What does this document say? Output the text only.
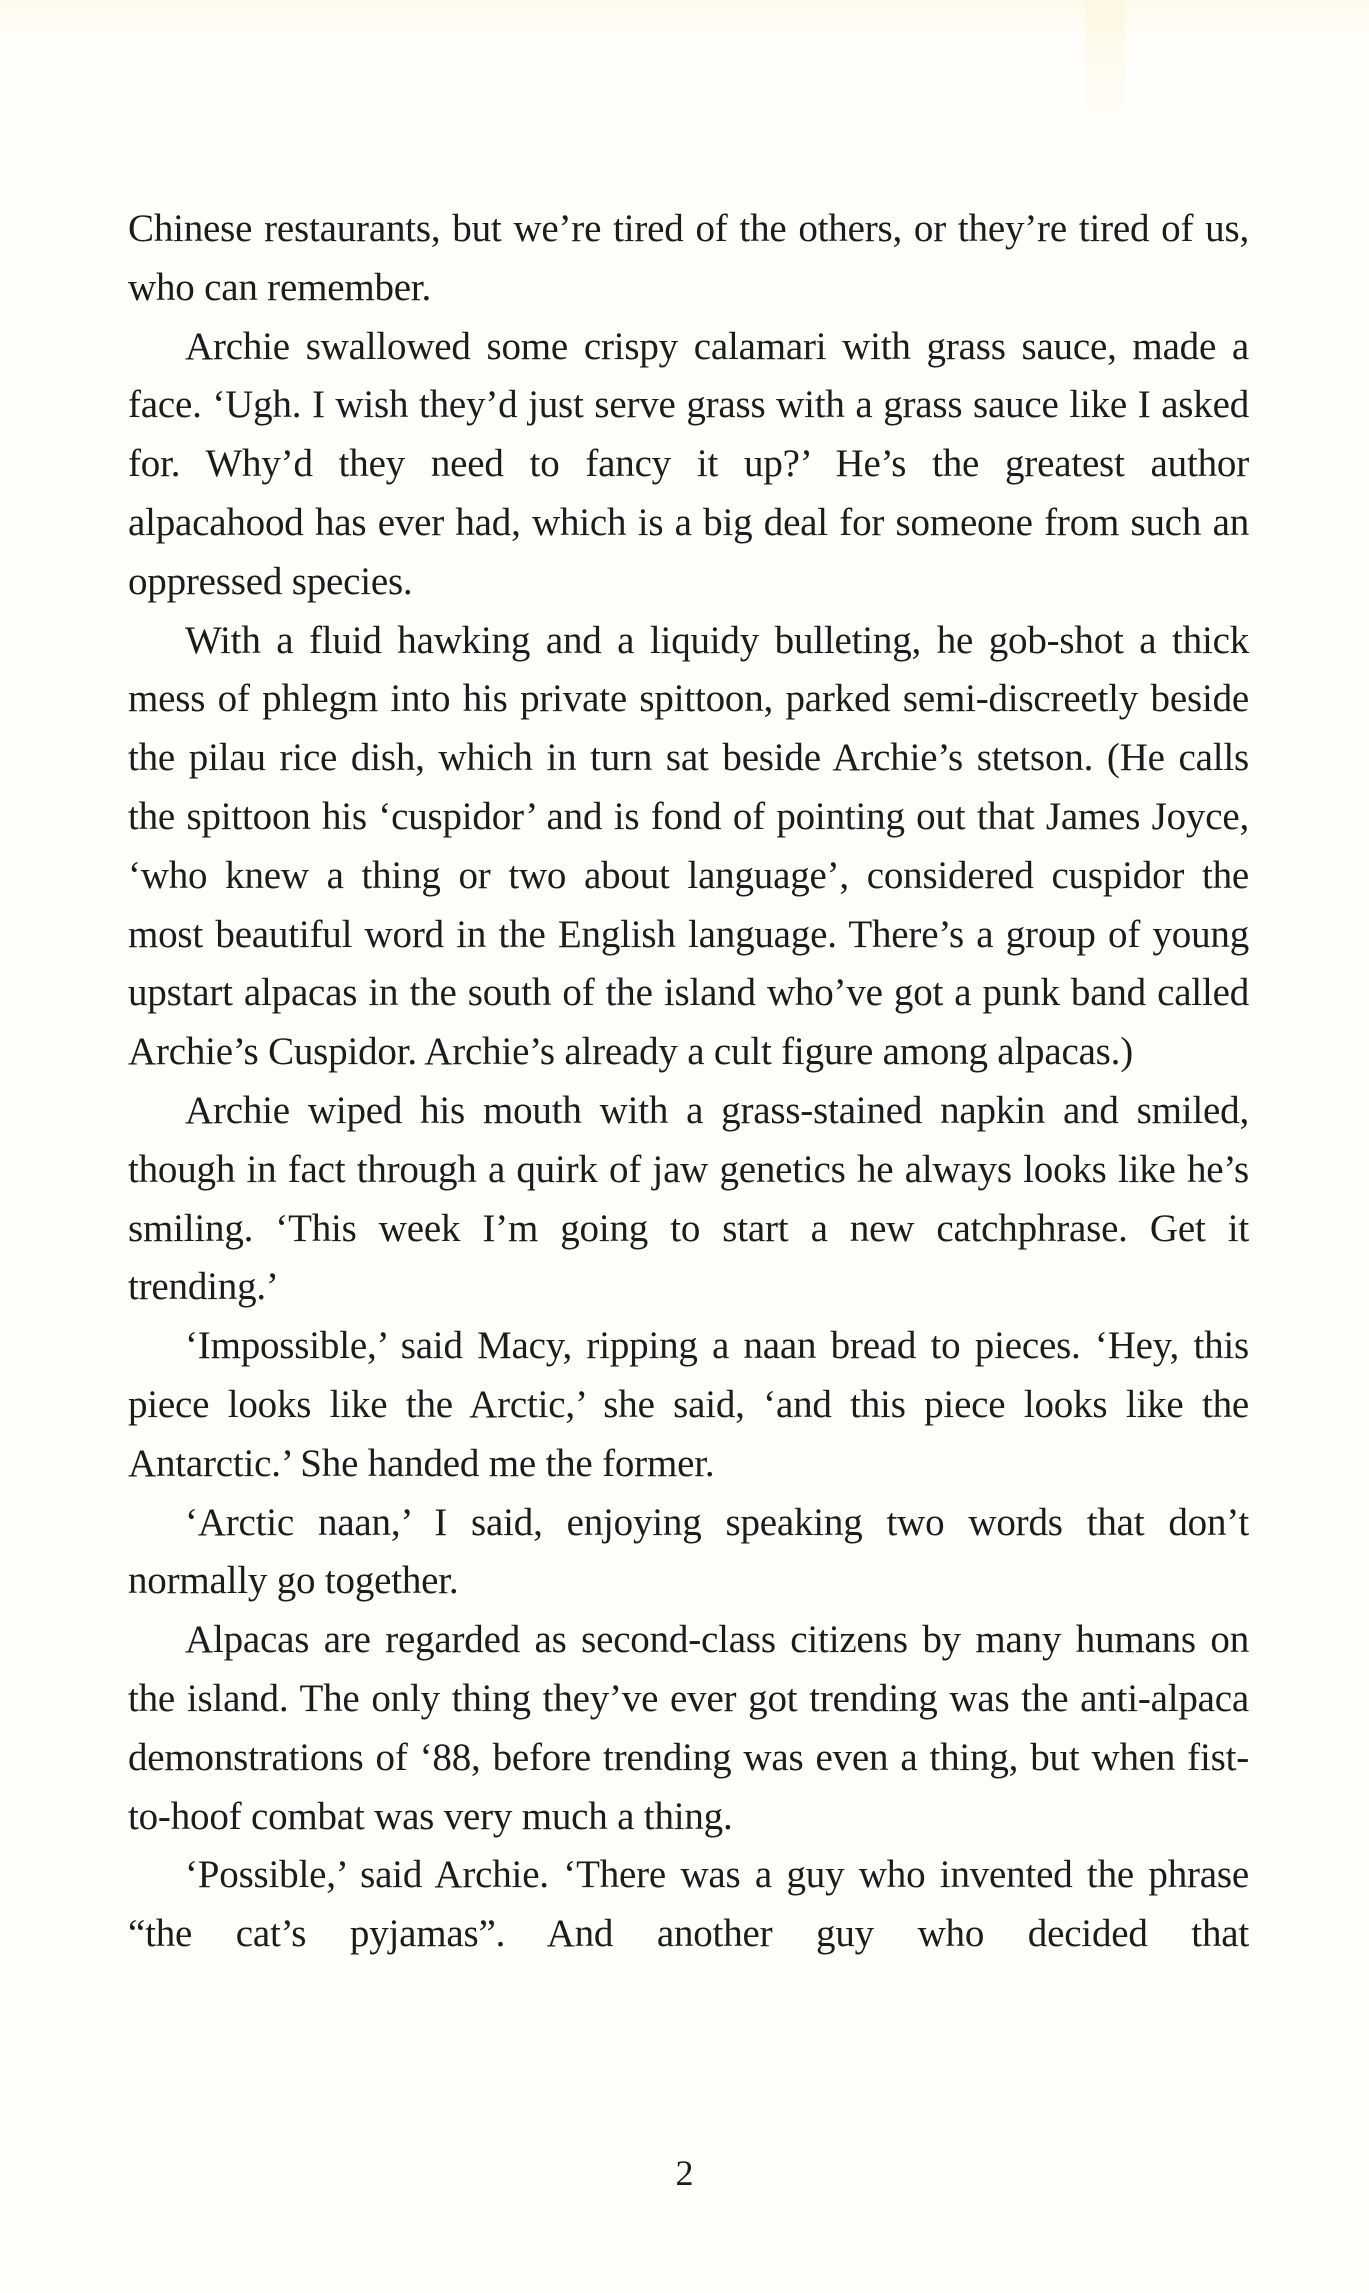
Chinese restaurants, but we’re tired of the others, or they’re tired of us, who can remember.

Archie swallowed some crispy calamari with grass sauce, made a face. ‘Ugh. I wish they’d just serve grass with a grass sauce like I asked for. Why’d they need to fancy it up?’ He’s the greatest author alpacahood has ever had, which is a big deal for someone from such an oppressed species.

With a fluid hawking and a liquidy bulleting, he gob-shot a thick mess of phlegm into his private spittoon, parked semi-discreetly beside the pilau rice dish, which in turn sat beside Archie’s stetson. (He calls the spittoon his ‘cuspidor’ and is fond of pointing out that James Joyce, ‘who knew a thing or two about language’, considered cuspidor the most beautiful word in the English language. There’s a group of young upstart alpacas in the south of the island who’ve got a punk band called Archie’s Cuspidor. Archie’s already a cult figure among alpacas.)

Archie wiped his mouth with a grass-stained napkin and smiled, though in fact through a quirk of jaw genetics he always looks like he’s smiling. ‘This week I’m going to start a new catchphrase. Get it trending.’

‘Impossible,’ said Macy, ripping a naan bread to pieces. ‘Hey, this piece looks like the Arctic,’ she said, ‘and this piece looks like the Antarctic.’ She handed me the former.

‘Arctic naan,’ I said, enjoying speaking two words that don’t normally go together.

Alpacas are regarded as second-class citizens by many humans on the island. The only thing they’ve ever got trending was the anti-alpaca demonstrations of ‘88, before trending was even a thing, but when fist-to-hoof combat was very much a thing.

‘Possible,’ said Archie. ‘There was a guy who invented the phrase “the cat’s pyjamas”. And another guy who decided that

2
